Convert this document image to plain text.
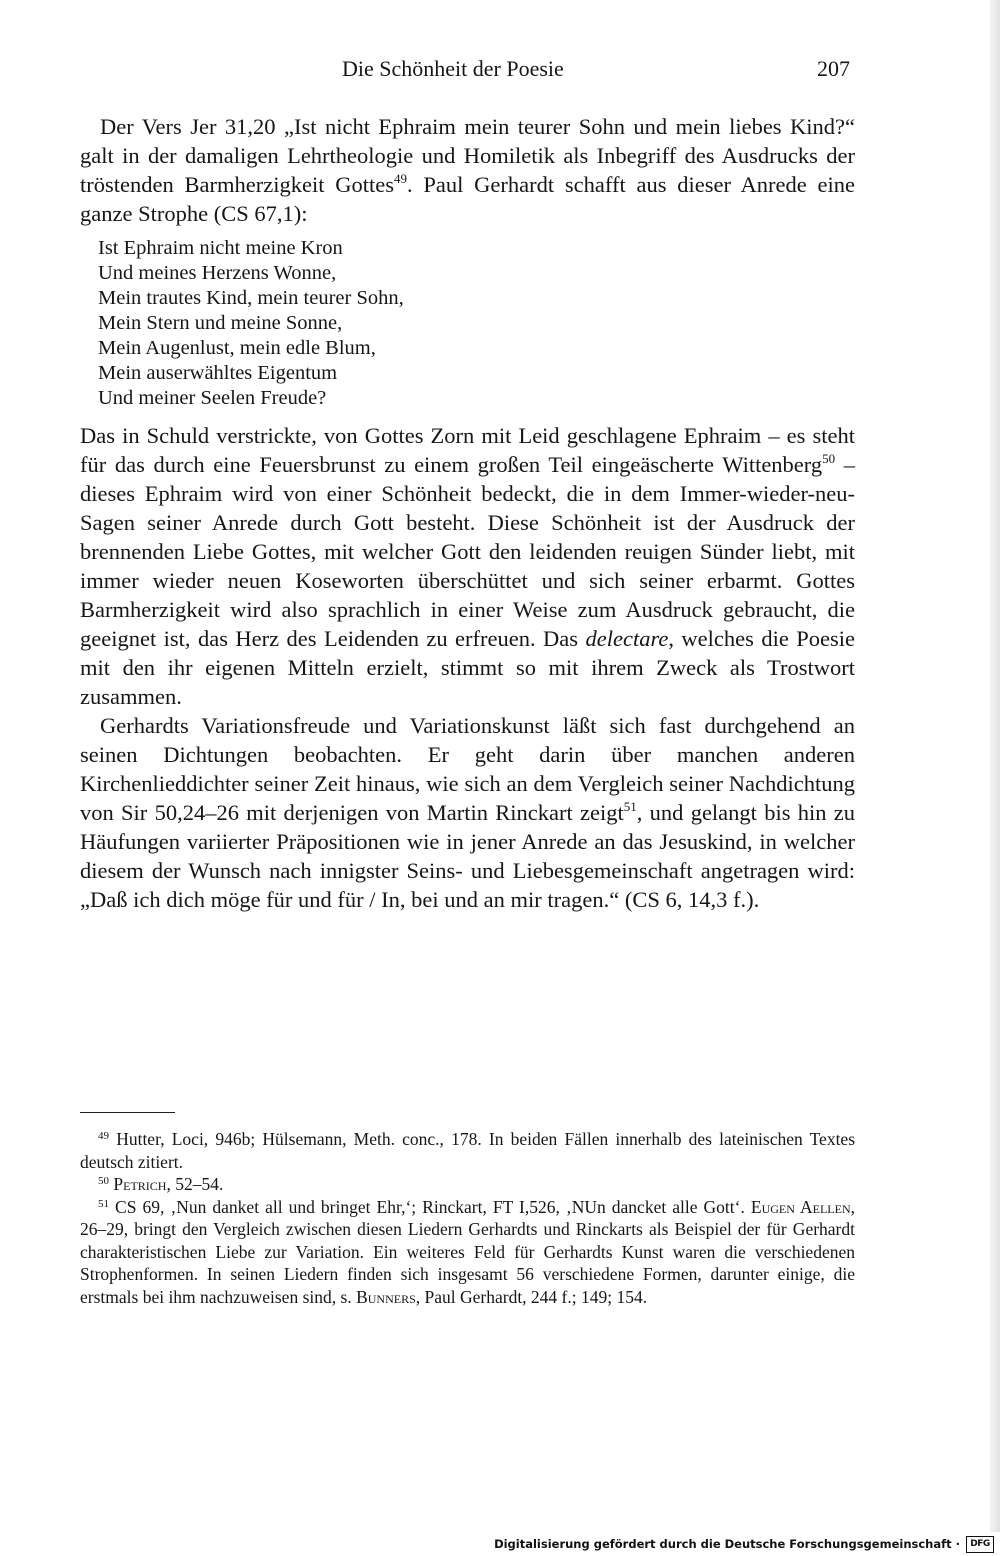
Die Schönheit der Poesie	207

Der Vers Jer 31,20 „Ist nicht Ephraim mein teurer Sohn und mein liebes Kind?“ galt in der damaligen Lehrtheologie und Homiletik als Inbegriff des Ausdrucks der tröstenden Barmherzigkeit Gottes$^{49}$. Paul Gerhardt schafft aus dieser Anrede eine ganze Strophe (CS 67,1):

Ist Ephraim nicht meine Kron
Und meines Herzens Wonne,
Mein trautes Kind, mein teurer Sohn,
Mein Stern und meine Sonne,
Mein Augenlust, mein edle Blum,
Mein auserwähltes Eigentum
Und meiner Seelen Freude?

Das in Schuld verstrickte, von Gottes Zorn mit Leid geschlagene Ephraim – es steht für das durch eine Feuersbrunst zu einem großen Teil eingeäscherte Wittenberg$^{50}$ – dieses Ephraim wird von einer Schönheit bedeckt, die in dem Immer-wieder-neu-Sagen seiner Anrede durch Gott besteht. Diese Schönheit ist der Ausdruck der brennenden Liebe Gottes, mit welcher Gott den leidenden reuigen Sünder liebt, mit immer wieder neuen Koseworten überschüttet und sich seiner erbarmt. Gottes Barmherzigkeit wird also sprachlich in einer Weise zum Ausdruck gebraucht, die geeignet ist, das Herz des Leidenden zu erfreuen. Das delectare, welches die Poesie mit den ihr eigenen Mitteln erzielt, stimmt so mit ihrem Zweck als Trostwort zusammen.

Gerhardts Variationsfreude und Variationskunst läßt sich fast durchgehend an seinen Dichtungen beobachten. Er geht darin über manchen anderen Kirchenlieddichter seiner Zeit hinaus, wie sich an dem Vergleich seiner Nachdichtung von Sir 50,24–26 mit derjenigen von Martin Rinckart zeigt$^{51}$, und gelangt bis hin zu Häufungen variierter Präpositionen wie in jener Anrede an das Jesuskind, in welcher diesem der Wunsch nach innigster Seins- und Liebesgemeinschaft angetragen wird: „Daß ich dich möge für und für / In, bei und an mir tragen.“ (CS 6, 14,3 f.).

$^{49}$ Hutter, Loci, 946b; Hülsemann, Meth. conc., 178. In beiden Fällen innerhalb des lateinischen Textes deutsch zitiert.

$^{50}$ Petrich, 52–54.

$^{51}$ CS 69, ‚Nun danket all und bringet Ehr,‘; Rinckart, FT I,526, ‚NUn dancket alle Gott‘. Eugen Aellen, 26–29, bringt den Vergleich zwischen diesen Liedern Gerhardts und Rinckarts als Beispiel der für Gerhardt charakteristischen Liebe zur Variation. Ein weiteres Feld für Gerhardts Kunst waren die verschiedenen Strophenformen. In seinen Liedern finden sich insgesamt 56 verschiedene Formen, darunter einige, die erstmals bei ihm nachzuweisen sind, s. Bunners, Paul Gerhardt, 244 f.; 149; 154.

Digitalisierung gefördert durch die Deutsche Forschungsgemeinschaft ·	DFG
